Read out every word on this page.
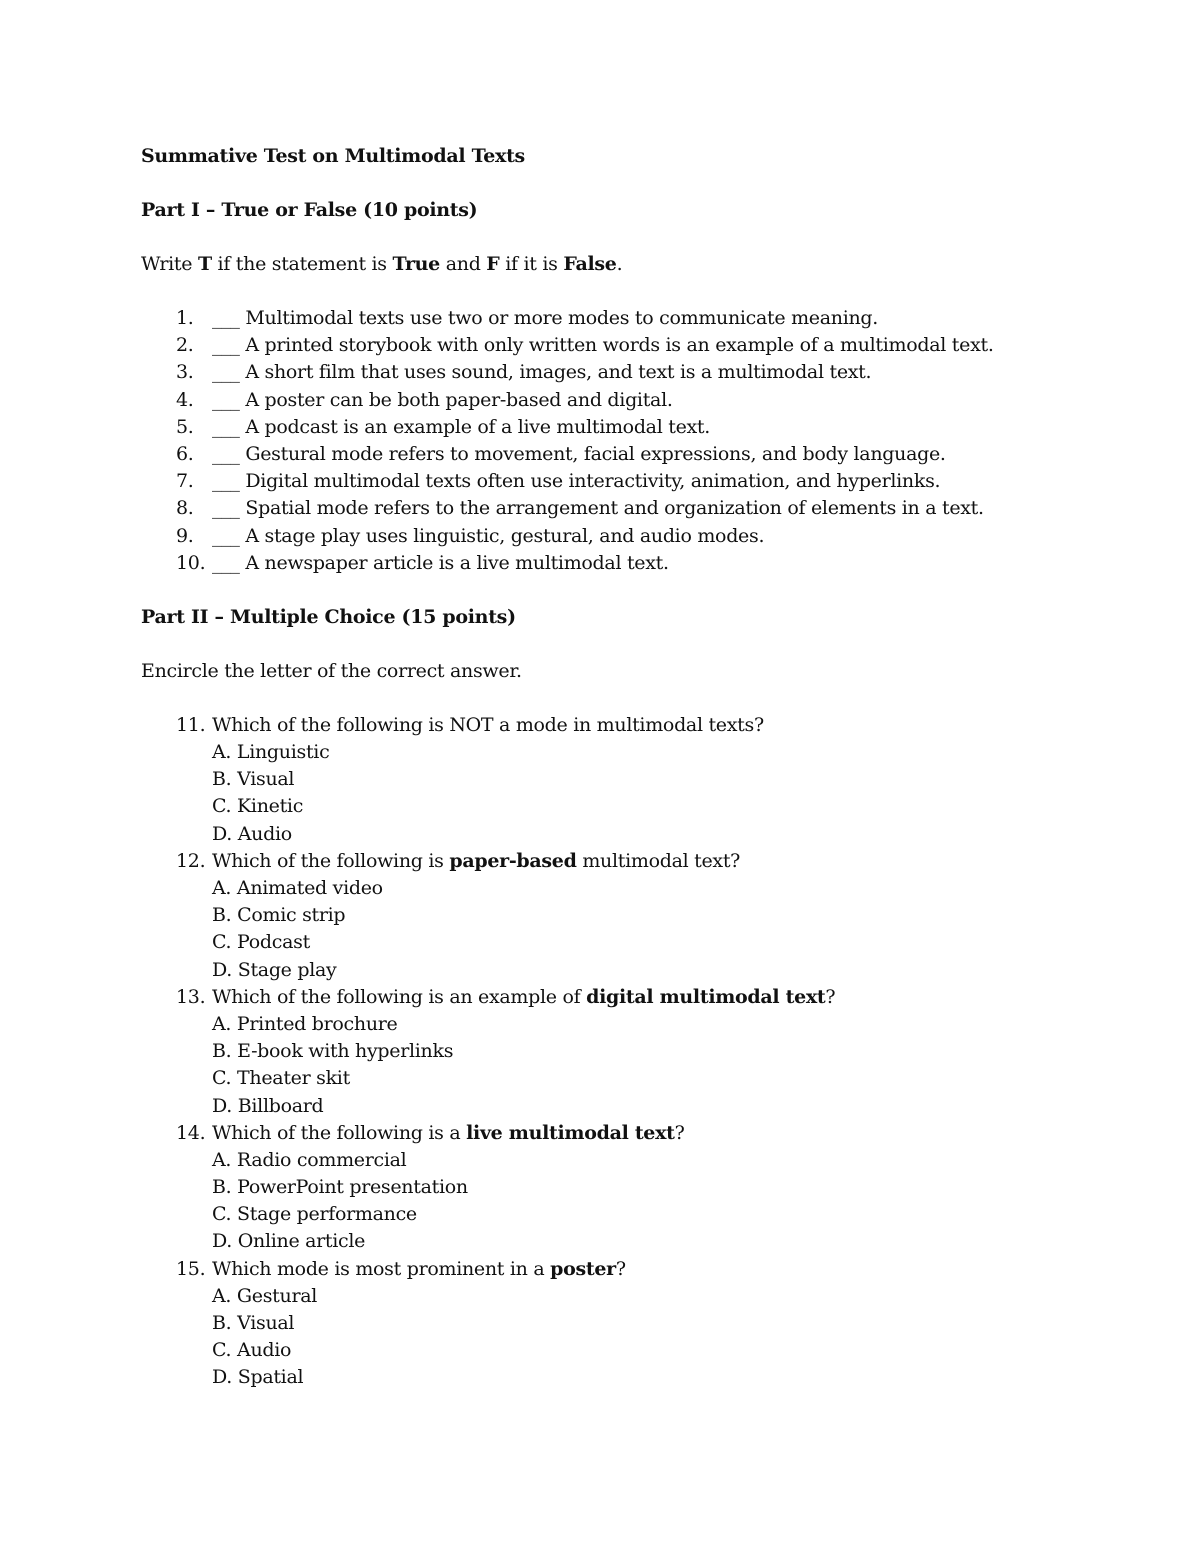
Summative Test on Multimodal Texts

Part I – True or False (10 points)

Write T if the statement is True and F if it is False.

1. ___ Multimodal texts use two or more modes to communicate meaning.
2. ___ A printed storybook with only written words is an example of a multimodal text.
3. ___ A short film that uses sound, images, and text is a multimodal text.
4. ___ A poster can be both paper-based and digital.
5. ___ A podcast is an example of a live multimodal text.
6. ___ Gestural mode refers to movement, facial expressions, and body language.
7. ___ Digital multimodal texts often use interactivity, animation, and hyperlinks.
8. ___ Spatial mode refers to the arrangement and organization of elements in a text.
9. ___ A stage play uses linguistic, gestural, and audio modes.
10. ___ A newspaper article is a live multimodal text.

Part II – Multiple Choice (15 points)

Encircle the letter of the correct answer.

11. Which of the following is NOT a mode in multimodal texts?
A. Linguistic
B. Visual
C. Kinetic
D. Audio
12. Which of the following is paper-based multimodal text?
A. Animated video
B. Comic strip
C. Podcast
D. Stage play
13. Which of the following is an example of digital multimodal text?
A. Printed brochure
B. E-book with hyperlinks
C. Theater skit
D. Billboard
14. Which of the following is a live multimodal text?
A. Radio commercial
B. PowerPoint presentation
C. Stage performance
D. Online article
15. Which mode is most prominent in a poster?
A. Gestural
B. Visual
C. Audio
D. Spatial
